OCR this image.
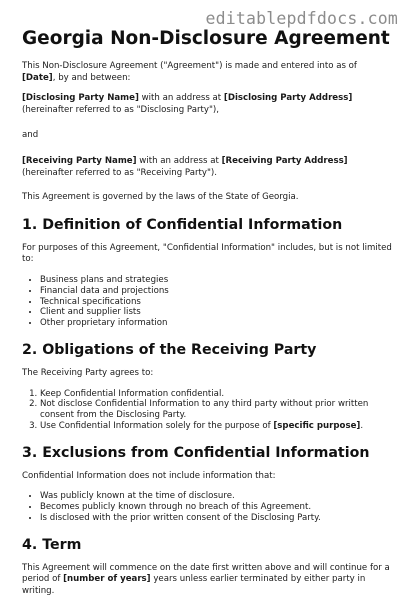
editablepdfdocs.com
Georgia Non-Disclosure Agreement

This Non-Disclosure Agreement ("Agreement") is made and entered into as of [Date], by and between:

[Disclosing Party Name] with an address at [Disclosing Party Address] (hereinafter referred to as "Disclosing Party"),

and

[Receiving Party Name] with an address at [Receiving Party Address] (hereinafter referred to as "Receiving Party").

This Agreement is governed by the laws of the State of Georgia.

1. Definition of Confidential Information

For purposes of this Agreement, "Confidential Information" includes, but is not limited to:

• Business plans and strategies
• Financial data and projections
• Technical specifications
• Client and supplier lists
• Other proprietary information
2. Obligations of the Receiving Party

The Receiving Party agrees to:

1. Keep Confidential Information confidential.
2. Not disclose Confidential Information to any third party without prior written consent from the Disclosing Party.
3. Use Confidential Information solely for the purpose of [specific purpose].
3. Exclusions from Confidential Information

Confidential Information does not include information that:

• Was publicly known at the time of disclosure.
• Becomes publicly known through no breach of this Agreement.
• Is disclosed with the prior written consent of the Disclosing Party.
4. Term

This Agreement will commence on the date first written above and will continue for a period of [number of years] years unless earlier terminated by either party in writing.
